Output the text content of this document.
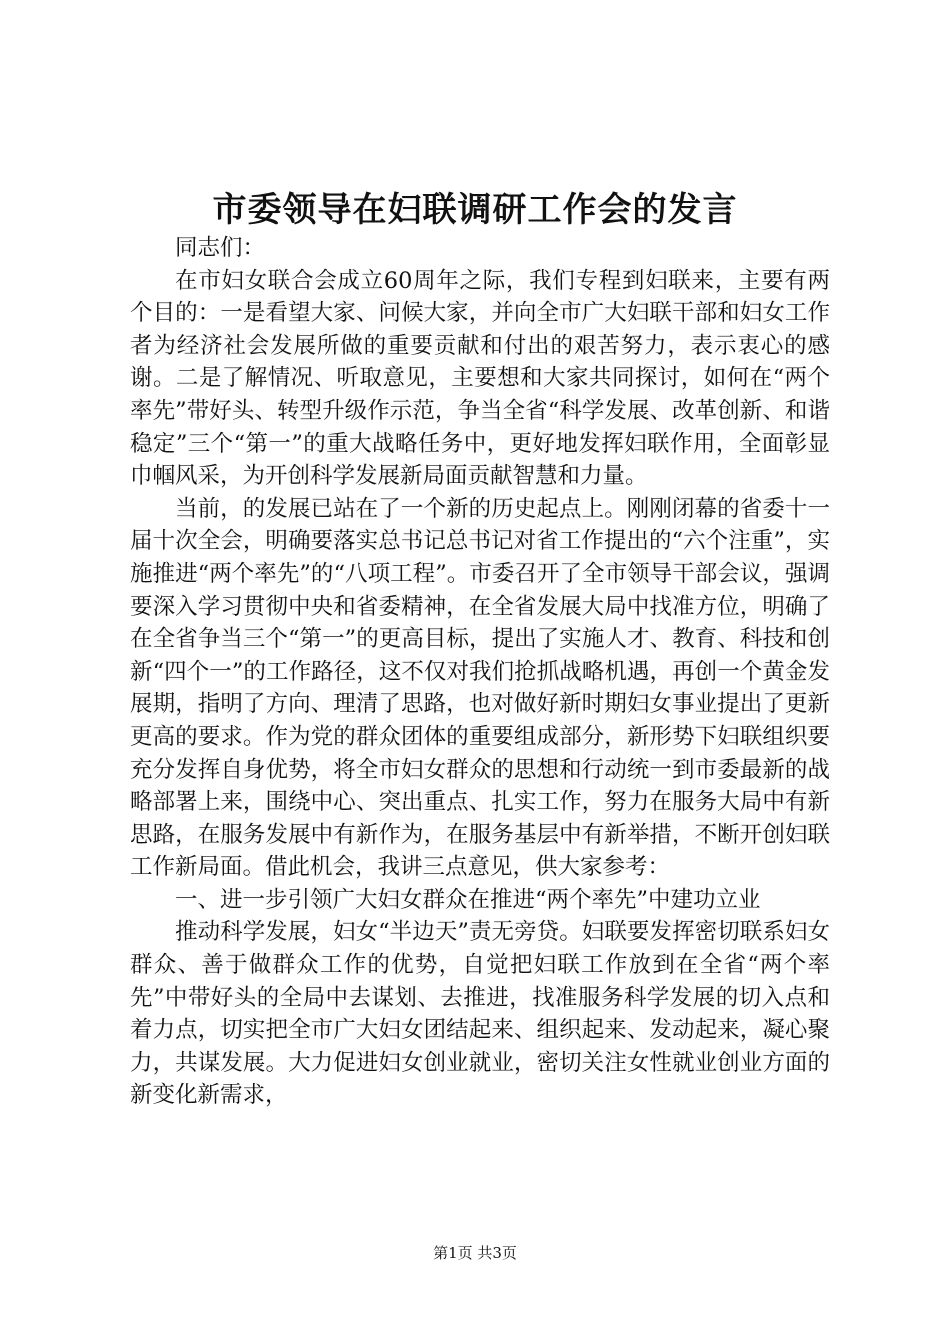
市委领导在妇联调研工作会的发言

同志们：

在市妇女联合会成立60周年之际，我们专程到妇联来，主要有两个目的：一是看望大家、问候大家，并向全市广大妇联干部和妇女工作者为经济社会发展所做的重要贡献和付出的艰苦努力，表示衷心的感谢。二是了解情况、听取意见，主要想和大家共同探讨，如何在“两个率先”带好头、转型升级作示范，争当全省“科学发展、改革创新、和谐稳定”三个“第一”的重大战略任务中，更好地发挥妇联作用，全面彰显巾帼风采，为开创科学发展新局面贡献智慧和力量。

当前，的发展已站在了一个新的历史起点上。刚刚闭幕的省委十一届十次全会，明确要落实总书记总书记对省工作提出的“六个注重”，实施推进“两个率先”的“八项工程”。市委召开了全市领导干部会议，强调要深入学习贯彻中央和省委精神，在全省发展大局中找准方位，明确了在全省争当三个“第一”的更高目标，提出了实施人才、教育、科技和创新“四个一”的工作路径，这不仅对我们抢抓战略机遇，再创一个黄金发展期，指明了方向、理清了思路，也对做好新时期妇女事业提出了更新更高的要求。作为党的群众团体的重要组成部分，新形势下妇联组织要充分发挥自身优势，将全市妇女群众的思想和行动统一到市委最新的战略部署上来，围绕中心、突出重点、扎实工作，努力在服务大局中有新思路，在服务发展中有新作为，在服务基层中有新举措，不断开创妇联工作新局面。借此机会，我讲三点意见，供大家参考：

一、进一步引领广大妇女群众在推进“两个率先”中建功立业

推动科学发展，妇女“半边天”责无旁贷。妇联要发挥密切联系妇女群众、善于做群众工作的优势，自觉把妇联工作放到在全省“两个率先”中带好头的全局中去谋划、去推进，找准服务科学发展的切入点和着力点，切实把全市广大妇女团结起来、组织起来、发动起来，凝心聚力，共谋发展。大力促进妇女创业就业，密切关注女性就业创业方面的新变化新需求，

第1页 共3页
